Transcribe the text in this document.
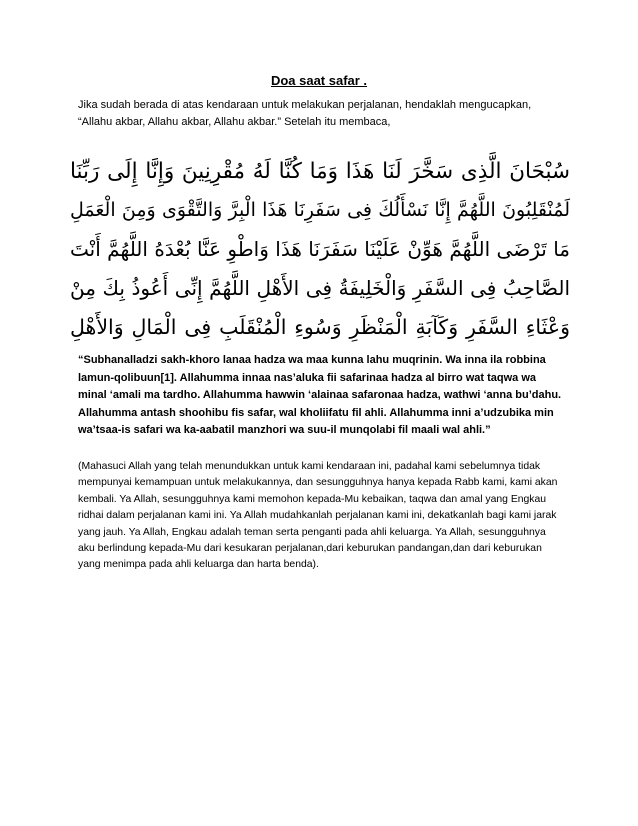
Doa saat safar .
Jika sudah berada di atas kendaraan untuk melakukan perjalanan, hendaklah mengucapkan, “Allahu akbar, Allahu akbar, Allahu akbar.” Setelah itu membaca,
سُبْحَانَ الَّذِى سَخَّرَ لَنَا هَذَا وَمَا كُنَّا لَهُ مُقْرِنِينَ وَإِنَّا إِلَى رَبِّنَا
لَمُنْقَلِبُونَ اللَّهُمَّ إِنَّا نَسْأَلُكَ فِى سَفَرِنَا هَذَا الْبِرَّ وَالتَّقْوَى وَمِنَ الْعَمَلِ
مَا تَرْضَى اللَّهُمَّ هَوِّنْ عَلَيْنَا سَفَرَنَا هَذَا وَاطْوِ عَنَّا بُعْدَهُ اللَّهُمَّ أَنْتَ
الصَّاحِبُ فِى السَّفَرِ وَالْخَلِيفَةُ فِى الأَهْلِ اللَّهُمَّ إِنِّى أَعُوذُ بِكَ مِنْ
وَعْثَاءِ السَّفَرِ وَكَآبَةِ الْمَنْظَرِ وَسُوءِ الْمُنْقَلَبِ فِى الْمَالِ وَالأَهْلِ
“Subhanalladzi sakh-khoro lanaa hadza wa maa kunna lahu muqrinin. Wa inna ila robbina lamun-qolibuun[1]. Allahumma innaa nas’aluka fii safarinaa hadza al birro wat taqwa wa minal ‘amali ma tardho. Allahumma hawwin ‘alainaa safaronaa hadza, wathwi ‘anna bu’dahu. Allahumma antash shoohibu fis safar, wal kholiifatu fil ahli. Allahumma inni a’udzubika min wa’tsaa-is safari wa ka-aabatil manzhori wa suu-il munqolabi fil maali wal ahli.”
(Mahasuci Allah yang telah menundukkan untuk kami kendaraan ini, padahal kami sebelumnya tidak mempunyai kemampuan untuk melakukannya, dan sesungguhnya hanya kepada Rabb kami, kami akan kembali. Ya Allah, sesungguhnya kami memohon kepada-Mu kebaikan, taqwa dan amal yang Engkau ridhai dalam perjalanan kami ini. Ya Allah mudahkanlah perjalanan kami ini, dekatkanlah bagi kami jarak yang jauh. Ya Allah, Engkau adalah teman serta penganti pada ahli keluarga. Ya Allah, sesungguhnya aku berlindung kepada-Mu dari kesukaran perjalanan,dari keburukan pandangan,dan dari keburukan yang menimpa pada ahli keluarga dan harta benda).
